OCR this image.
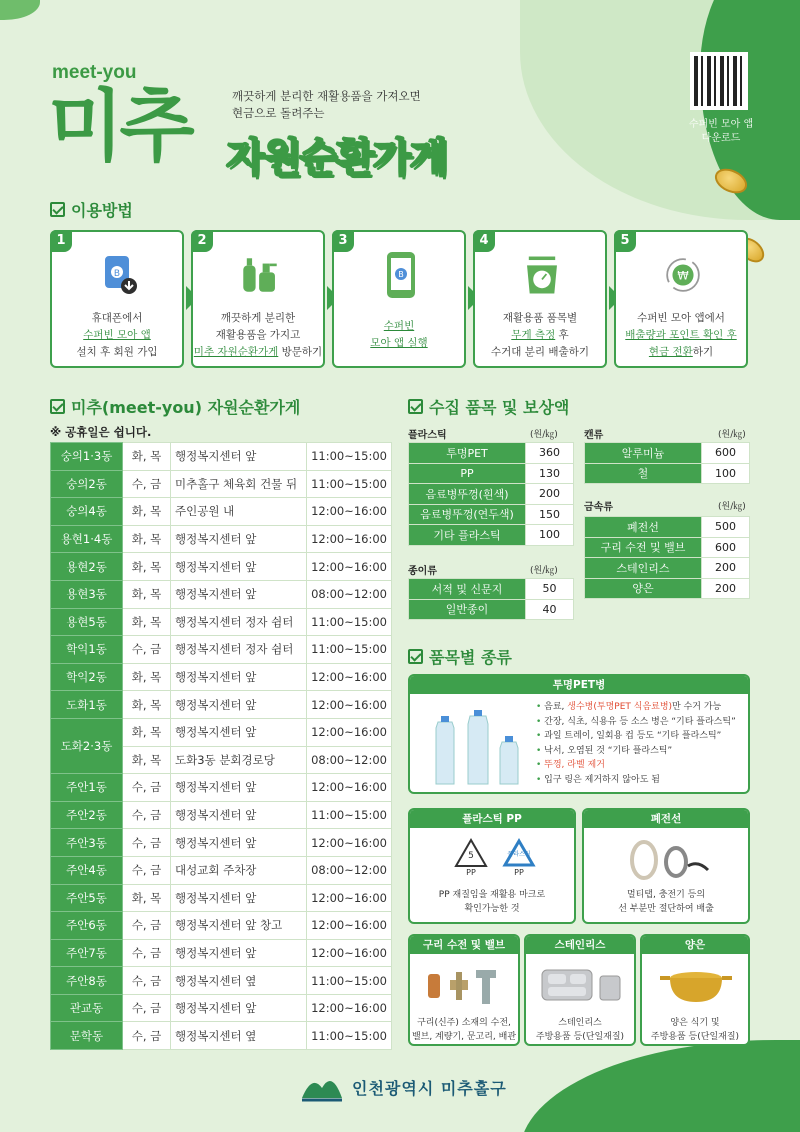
meet-you
미추	깨끗하게 분리한 재활용품을 가져오면
현금으로 돌려주는
자원순환가게
수퍼빈 모아 앱
다운로드
이용방법
1
B
휴대폰에서
수퍼빈 모아 앱
설치 후 회원 가입
2
깨끗하게 분리한
재활용품을 가지고
미추 자원순환가게 방문하기
3
B
수퍼빈
모아 앱 실행
4
재활용품 품목별
무게 측정 후
수거대 분리 배출하기
5
₩
수퍼빈 모아 앱에서
배출량과 포인트 확인 후
현금 전환하기
미추(meet-you) 자원순환가게
※ 공휴일은 쉽니다.
숭의1·3동	화, 목	행정복지센터 앞	11:00~15:00
숭의2동	수, 금	미추홀구 체육회 건물 뒤	11:00~15:00
숭의4동	화, 목	주인공원 내	12:00~16:00
용현1·4동	화, 목	행정복지센터 앞	12:00~16:00
용현2동	화, 목	행정복지센터 앞	12:00~16:00
용현3동	화, 목	행정복지센터 앞	08:00~12:00
용현5동	화, 목	행정복지센터 정자 쉼터	11:00~15:00
학익1동	수, 금	행정복지센터 정자 쉼터	11:00~15:00
학익2동	화, 목	행정복지센터 앞	12:00~16:00
도화1동	화, 목	행정복지센터 앞	12:00~16:00
도화2·3동	화, 목	행정복지센터 앞	12:00~16:00
	화, 목	도화3동 분회경로당	08:00~12:00
주안1동	수, 금	행정복지센터 앞	12:00~16:00
주안2동	수, 금	행정복지센터 앞	11:00~15:00
주안3동	수, 금	행정복지센터 앞	12:00~16:00
주안4동	수, 금	대성교회 주차장	08:00~12:00
주안5동	화, 목	행정복지센터 앞	12:00~16:00
주안6동	수, 금	행정복지센터 앞 창고	12:00~16:00
주안7동	수, 금	행정복지센터 앞	12:00~16:00
주안8동	수, 금	행정복지센터 옆	11:00~15:00
관교동	수, 금	행정복지센터 앞	12:00~16:00
문학동	수, 금	행정복지센터 옆	11:00~15:00
수집 품목 및 보상액
플라스틱	(원/㎏)
투명PET	360
PP	130
음료병뚜껑(흰색)	200
음료병뚜껑(연두색)	150
기타 플라스틱	100
종이류	(원/㎏)
서적 및 신문지	50
일반종이	40
캔류	(원/㎏)
알루미늄	600
철	100
금속류	(원/㎏)
폐전선	500
구리 수전 및 밸브	600
스테인리스	200
양은	200
품목별 종류
투명PET병
• 음료, 생수병(투명PET 식음료병)만 수거 가능
• 간장, 식초, 식용유 등 소스 병은 “기타 플라스틱”
• 과일 트레이, 일회용 컵 등도 “기타 플라스틱”
• 낙서, 오염된 것 “기타 플라스틱”
• 뚜껑, 라벨 제거
• 입구 링은 제거하지 않아도 됨
플라스틱 PP
5
PP
플라스틱
PP
PP 재질임을 재활용 마크로
확인가능한 것
폐전선
멀티탭, 충전기 등의
선 부분만 절단하여 배출
구리 수전 및 밸브
구리(신주) 소재의 수전,
밸브, 계량기, 문고리, 배관
스테인리스
스테인리스
주방용품 등(단일재질)
양은
양은 식기 및
주방용품 등(단일재질)
인천광역시 미추홀구
